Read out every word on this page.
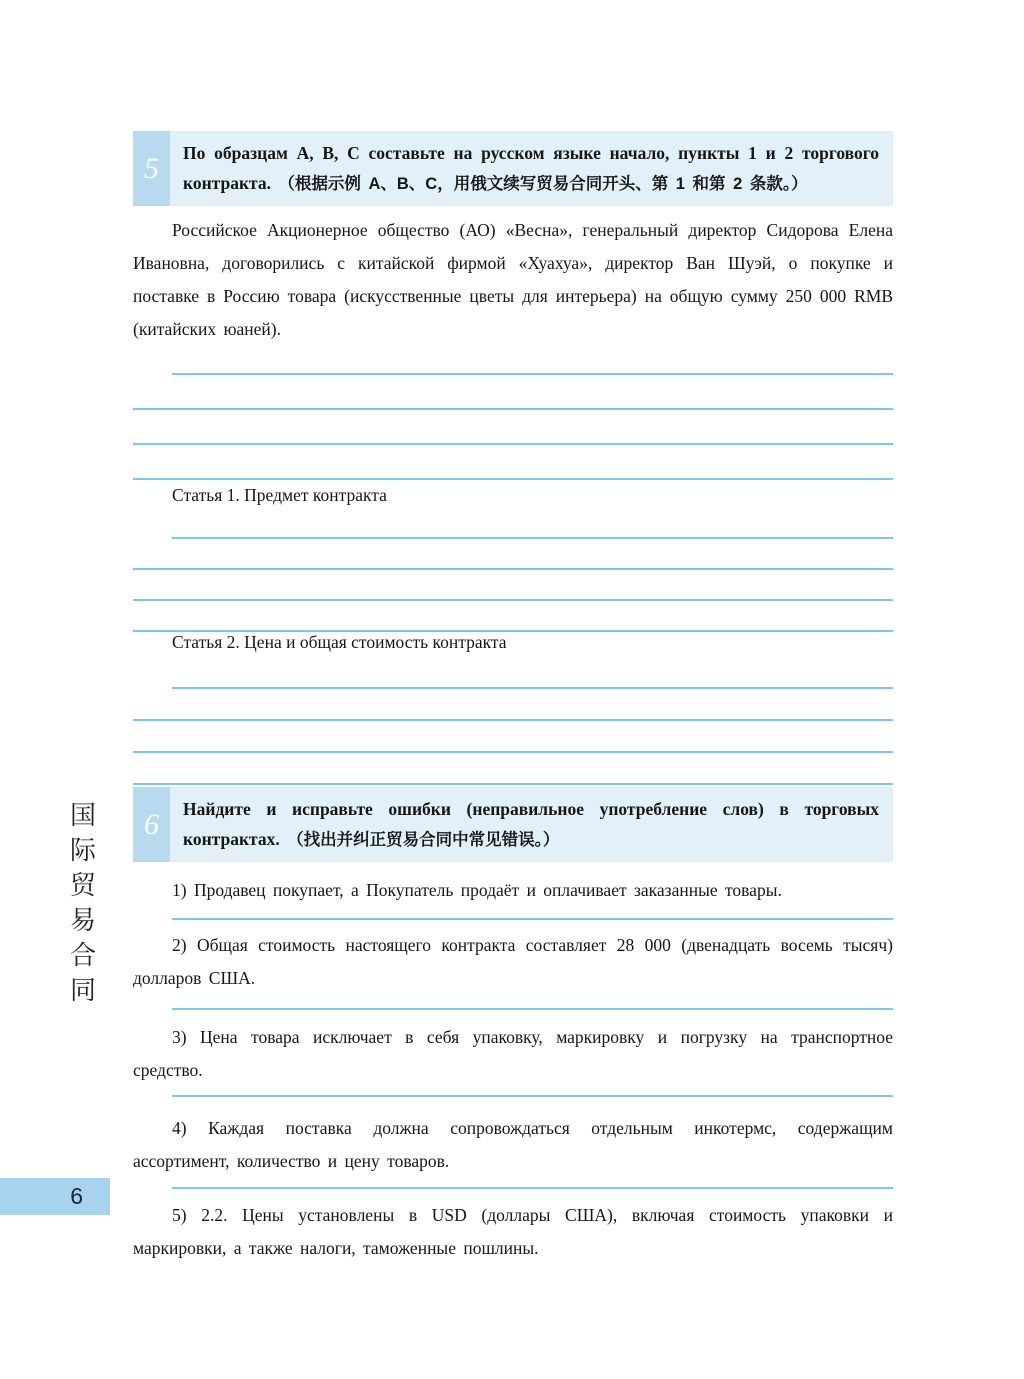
5	По образцам А, В, С составьте на русском языке начало, пункты 1 и 2 торгового контракта. （根据示例 А、В、С，用俄文续写贸易合同开头、第 1 和第 2 条款。）

Российское Акционерное общество (АО) «Весна», генеральный директор Сидорова Елена Ивановна, договорились с китайской фирмой «Хуахуа», директор Ван Шуэй, о покупке и поставке в Россию товара (искусственные цветы для интерьера) на общую сумму 250 000 RMB (китайских юаней).

Статья 1. Предмет контракта
Статья 2. Цена и общая стоимость контракта
6	Найдите и исправьте ошибки (неправильное употребление слов) в торговых контрактах. （找出并纠正贸易合同中常见错误。）

1) Продавец покупает, а Покупатель продаёт и оплачивает заказанные товары.

2) Общая стоимость настоящего контракта составляет 28 000 (двенадцать восемь тысяч) долларов США.

3) Цена товара исключает в себя упаковку, маркировку и погрузку на транспортное средство.

4) Каждая поставка должна сопровождаться отдельным инкотермс, содержащим ассортимент, количество и цену товаров.

5) 2.2. Цены установлены в USD (доллары США), включая стоимость упаковки и маркировки, а также налоги, таможенные пошлины.

国
际
贸
易
合
同
6
